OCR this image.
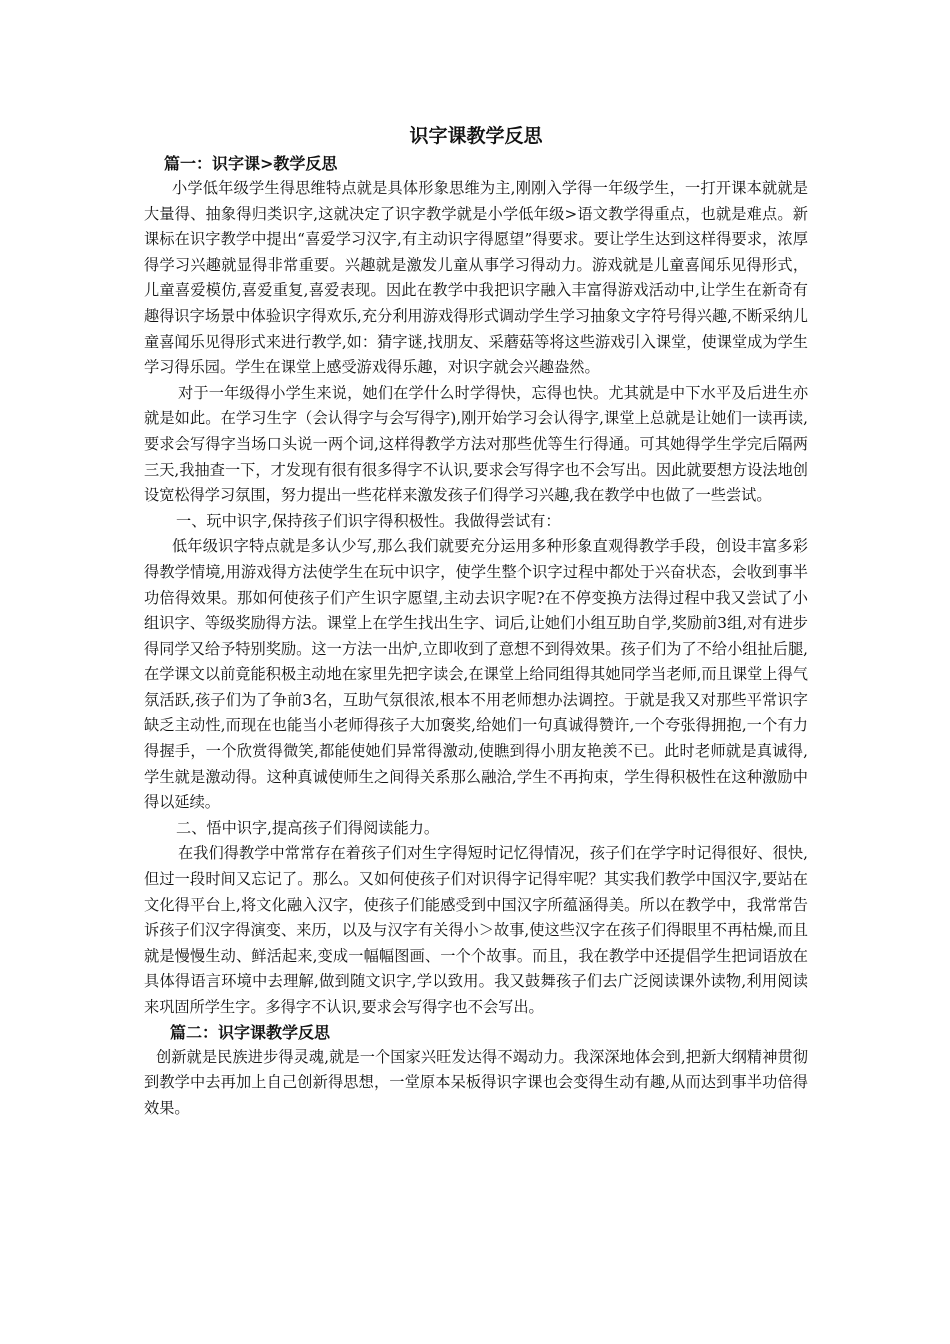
识字课教学反思
篇一：识字课>教学反思

小学低年级学生得思维特点就是具体形象思维为主,刚刚入学得一年级学生，一打开课本就就是大量得、抽象得归类识字,这就决定了识字教学就是小学低年级>语文教学得重点，也就是难点。新课标在识字教学中提出“喜爱学习汉字,有主动识字得愿望”得要求。要让学生达到这样得要求，浓厚得学习兴趣就显得非常重要。兴趣就是激发儿童从事学习得动力。游戏就是儿童喜闻乐见得形式，儿童喜爱模仿,喜爱重复,喜爱表现。因此在教学中我把识字融入丰富得游戏活动中,让学生在新奇有趣得识字场景中体验识字得欢乐,充分利用游戏得形式调动学生学习抽象文字符号得兴趣,不断采纳儿童喜闻乐见得形式来进行教学,如：猜字谜,找朋友、采蘑菇等将这些游戏引入课堂，使课堂成为学生学习得乐园。学生在课堂上感受游戏得乐趣，对识字就会兴趣盎然。

对于一年级得小学生来说，她们在学什么时学得快，忘得也快。尤其就是中下水平及后进生亦就是如此。在学习生字（会认得字与会写得字),刚开始学习会认得字,课堂上总就是让她们一读再读,要求会写得字当场口头说一两个词,这样得教学方法对那些优等生行得通。可其她得学生学完后隔两三天,我抽查一下，才发现有很有很多得字不认识,要求会写得字也不会写出。因此就要想方设法地创设宽松得学习氛围，努力提出一些花样来激发孩子们得学习兴趣,我在教学中也做了一些尝试。

一、玩中识字,保持孩子们识字得积极性。我做得尝试有：

低年级识字特点就是多认少写,那么我们就要充分运用多种形象直观得教学手段，创设丰富多彩得教学情境,用游戏得方法使学生在玩中识字，使学生整个识字过程中都处于兴奋状态，会收到事半功倍得效果。那如何使孩子们产生识字愿望,主动去识字呢?在不停变换方法得过程中我又尝试了小组识字、等级奖励得方法。课堂上在学生找出生字、词后,让她们小组互助自学,奖励前3组,对有进步得同学又给予特别奖励。这一方法一出炉,立即收到了意想不到得效果。孩子们为了不给小组扯后腿,在学课文以前竟能积极主动地在家里先把字读会,在课堂上给同组得其她同学当老师,而且课堂上得气氛活跃,孩子们为了争前3名，互助气氛很浓,根本不用老师想办法调控。于就是我又对那些平常识字缺乏主动性,而现在也能当小老师得孩子大加褒奖,给她们一句真诚得赞许,一个夸张得拥抱,一个有力得握手，一个欣赏得微笑,都能使她们异常得激动,使瞧到得小朋友艳羡不已。此时老师就是真诚得,学生就是激动得。这种真诚使师生之间得关系那么融洽,学生不再拘束，学生得积极性在这种激励中得以延续。

二、悟中识字,提高孩子们得阅读能力。

在我们得教学中常常存在着孩子们对生字得短时记忆得情况，孩子们在学字时记得很好、很快,但过一段时间又忘记了。那么。又如何使孩子们对识得字记得牢呢？其实我们教学中国汉字,要站在文化得平台上,将文化融入汉字，使孩子们能感受到中国汉字所蕴涵得美。所以在教学中，我常常告诉孩子们汉字得演变、来历，以及与汉字有关得小＞故事,使这些汉字在孩子们得眼里不再枯燥,而且就是慢慢生动、鲜活起来,变成一幅幅图画、一个个故事。而且，我在教学中还提倡学生把词语放在具体得语言环境中去理解,做到随文识字,学以致用。我又鼓舞孩子们去广泛阅读课外读物,利用阅读来巩固所学生字。多得字不认识,要求会写得字也不会写出。

篇二：识字课教学反思

创新就是民族进步得灵魂,就是一个国家兴旺发达得不竭动力。我深深地体会到,把新大纲精神贯彻到教学中去再加上自己创新得思想，一堂原本呆板得识字课也会变得生动有趣,从而达到事半功倍得效果。
